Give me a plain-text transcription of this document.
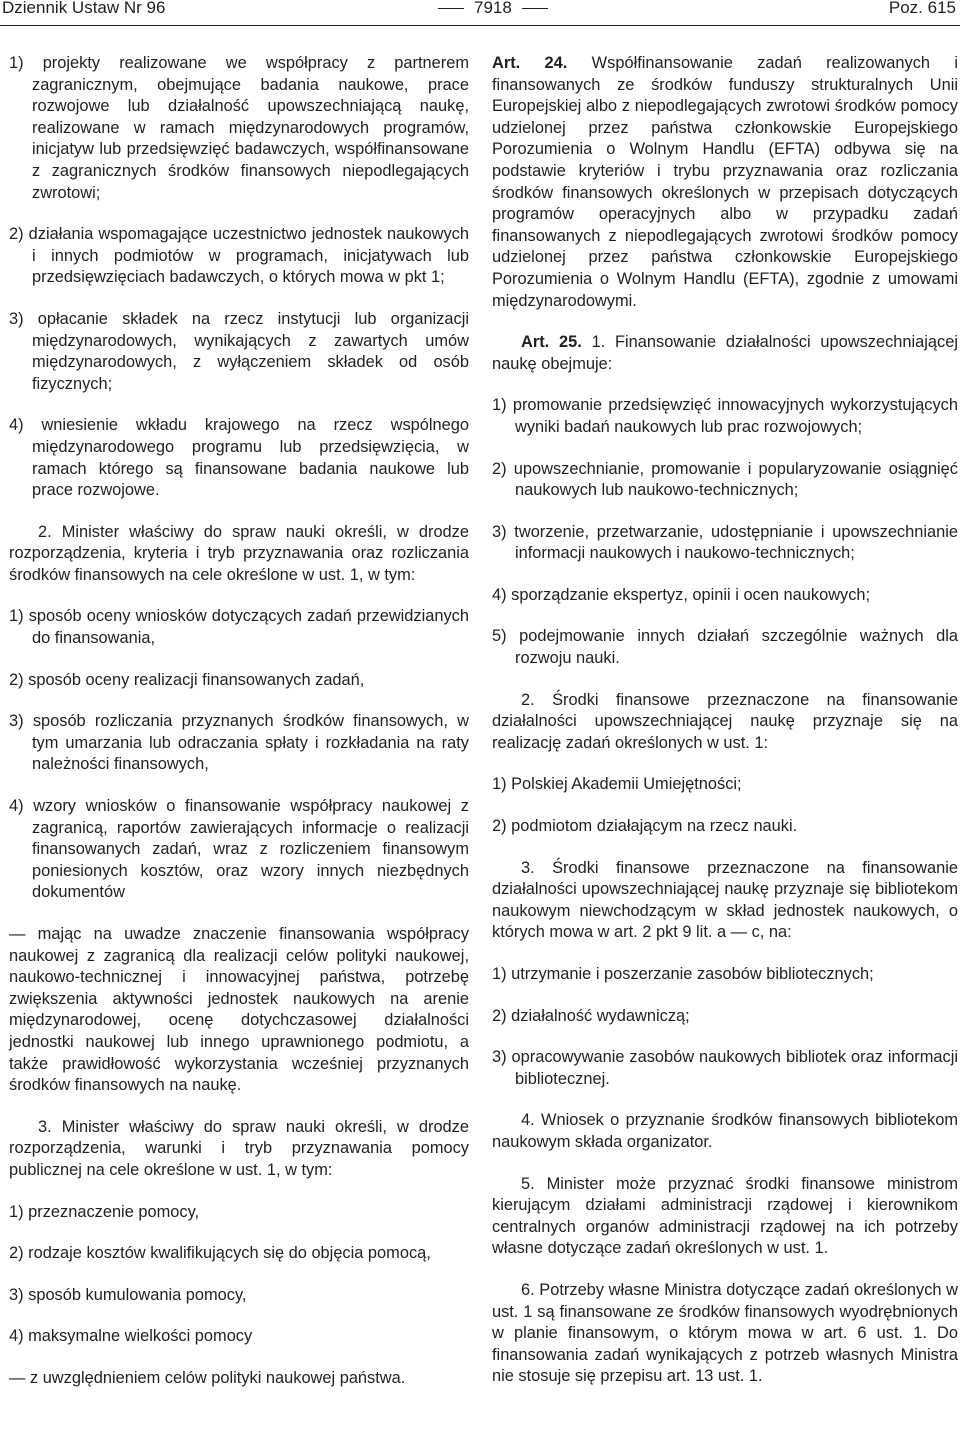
Dziennik Ustaw Nr 96	7918	Poz. 615

1) projekty realizowane we współpracy z partnerem zagranicznym, obejmujące badania naukowe, prace rozwojowe lub działalność upowszechniającą naukę, realizowane w ramach międzynarodowych programów, inicjatyw lub przedsięwzięć badawczych, współfinansowane z zagranicznych środków finansowych niepodlegających zwrotowi;

2) działania wspomagające uczestnictwo jednostek naukowych i innych podmiotów w programach, inicjatywach lub przedsięwzięciach badawczych, o których mowa w pkt 1;

3) opłacanie składek na rzecz instytucji lub organizacji międzynarodowych, wynikających z zawartych umów międzynarodowych, z wyłączeniem składek od osób fizycznych;

4) wniesienie wkładu krajowego na rzecz wspólnego międzynarodowego programu lub przedsięwzięcia, w ramach którego są finansowane badania naukowe lub prace rozwojowe.

2. Minister właściwy do spraw nauki określi, w drodze rozporządzenia, kryteria i tryb przyznawania oraz rozliczania środków finansowych na cele określone w ust. 1, w tym:

1) sposób oceny wniosków dotyczących zadań przewidzianych do finansowania,

2) sposób oceny realizacji finansowanych zadań,

3) sposób rozliczania przyznanych środków finansowych, w tym umarzania lub odraczania spłaty i rozkładania na raty należności finansowych,

4) wzory wniosków o finansowanie współpracy naukowej z zagranicą, raportów zawierających informacje o realizacji finansowanych zadań, wraz z rozliczeniem finansowym poniesionych kosztów, oraz wzory innych niezbędnych dokumentów

— mając na uwadze znaczenie finansowania współpracy naukowej z zagranicą dla realizacji celów polityki naukowej, naukowo-technicznej i innowacyjnej państwa, potrzebę zwiększenia aktywności jednostek naukowych na arenie międzynarodowej, ocenę dotychczasowej działalności jednostki naukowej lub innego uprawnionego podmiotu, a także prawidłowość wykorzystania wcześniej przyznanych środków finansowych na naukę.

3. Minister właściwy do spraw nauki określi, w drodze rozporządzenia, warunki i tryb przyznawania pomocy publicznej na cele określone w ust. 1, w tym:

1) przeznaczenie pomocy,

2) rodzaje kosztów kwalifikujących się do objęcia pomocą,

3) sposób kumulowania pomocy,

4) maksymalne wielkości pomocy

— z uwzględnieniem celów polityki naukowej państwa.

Art. 24. Współfinansowanie zadań realizowanych i finansowanych ze środków funduszy strukturalnych Unii Europejskiej albo z niepodlegających zwrotowi środków pomocy udzielonej przez państwa członkowskie Europejskiego Porozumienia o Wolnym Handlu (EFTA) odbywa się na podstawie kryteriów i trybu przyznawania oraz rozliczania środków finansowych określonych w przepisach dotyczących programów operacyjnych albo w przypadku zadań finansowanych z niepodlegających zwrotowi środków pomocy udzielonej przez państwa członkowskie Europejskiego Porozumienia o Wolnym Handlu (EFTA), zgodnie z umowami międzynarodowymi.

Art. 25. 1. Finansowanie działalności upowszechniającej naukę obejmuje:

1) promowanie przedsięwzięć innowacyjnych wykorzystujących wyniki badań naukowych lub prac rozwojowych;

2) upowszechnianie, promowanie i popularyzowanie osiągnięć naukowych lub naukowo-technicznych;

3) tworzenie, przetwarzanie, udostępnianie i upowszechnianie informacji naukowych i naukowo-technicznych;

4) sporządzanie ekspertyz, opinii i ocen naukowych;

5) podejmowanie innych działań szczególnie ważnych dla rozwoju nauki.

2. Środki finansowe przeznaczone na finansowanie działalności upowszechniającej naukę przyznaje się na realizację zadań określonych w ust. 1:

1) Polskiej Akademii Umiejętności;

2) podmiotom działającym na rzecz nauki.

3. Środki finansowe przeznaczone na finansowanie działalności upowszechniającej naukę przyznaje się bibliotekom naukowym niewchodzącym w skład jednostek naukowych, o których mowa w art. 2 pkt 9 lit. a — c, na:

1) utrzymanie i poszerzanie zasobów bibliotecznych;

2) działalność wydawniczą;

3) opracowywanie zasobów naukowych bibliotek oraz informacji bibliotecznej.

4. Wniosek o przyznanie środków finansowych bibliotekom naukowym składa organizator.

5. Minister może przyznać środki finansowe ministrom kierującym działami administracji rządowej i kierownikom centralnych organów administracji rządowej na ich potrzeby własne dotyczące zadań określonych w ust. 1.

6. Potrzeby własne Ministra dotyczące zadań określonych w ust. 1 są finansowane ze środków finansowych wyodrębnionych w planie finansowym, o którym mowa w art. 6 ust. 1. Do finansowania zadań wynikających z potrzeb własnych Ministra nie stosuje się przepisu art. 13 ust. 1.
